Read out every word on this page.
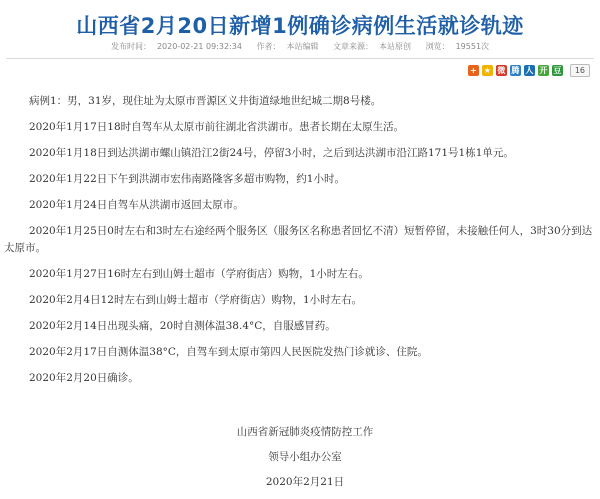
山西省2月20日新增1例确诊病例生活就诊轨迹
发布时间： 2020-02-21 09:32:34 作者： 本站编辑 文章来源： 本站原创 浏览： 19551次
+ ★ 微 腾 人 开 豆	16

病例1：男，31岁，现住址为太原市晋源区义井街道绿地世纪城二期8号楼。

2020年1月17日18时自驾车从太原市前往湖北省洪湖市。患者长期在太原生活。

2020年1月18日到达洪湖市螺山镇沿江2街24号，停留3小时，之后到达洪湖市沿江路171号1栋1单元。

2020年1月22日下午到洪湖市宏伟南路隆客多超市购物，约1小时。

2020年1月24日自驾车从洪湖市返回太原市。

2020年1月25日0时左右和3时左右途经两个服务区（服务区名称患者回忆不清）短暂停留，未接触任何人，3时30分到达太原市。

2020年1月27日16时左右到山姆士超市（学府街店）购物，1小时左右。

2020年2月4日12时左右到山姆士超市（学府街店）购物，1小时左右。

2020年2月14日出现头痛，20时自测体温38.4°C，自服感冒药。

2020年2月17日自测体温38°C，自驾车到太原市第四人民医院发热门诊就诊、住院。

2020年2月20日确诊。

山西省新冠肺炎疫情防控工作
领导小组办公室
2020年2月21日
